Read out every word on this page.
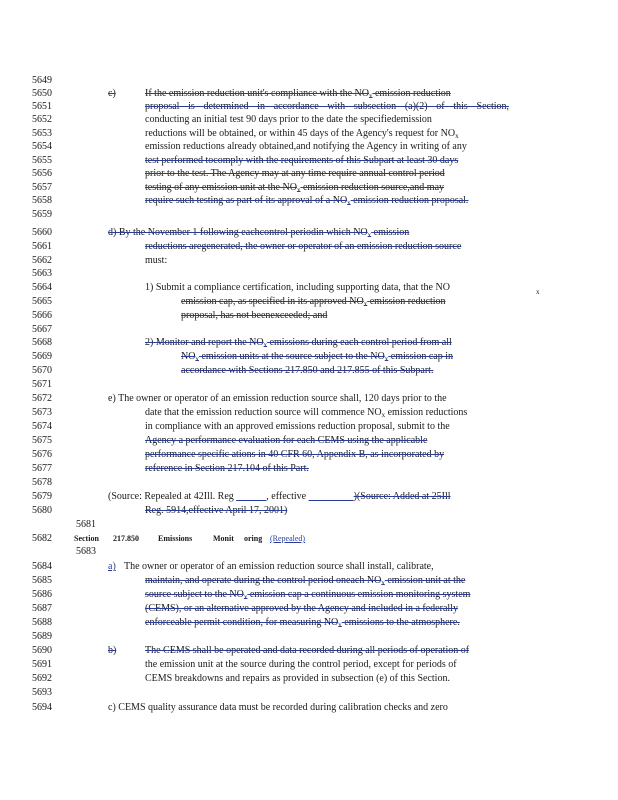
5649
5650
5651
5652
5653
5654
5655
5656
5657
5658
5659
5660
5661
5662
5663
5664
5665
5666
5667
5668
5669
5670
5671
5672
5673
5674
5675
5676
5677
5678
5679
5680
5681
5682
5683
5684
5685
5686
5687
5688
5689
5690
5691
5692
5693
5694
c)	If the emission reduction unit's compliance with the $NO_x$ emission reduction
proposal is determined in accordance with subsection (a)(2) of this Section,
conducting an initial test 90 days prior to the date the specifiedemission
reductions will be obtained, or within 45 days of the Agency's request for $NO_x$
emission reductions already obtained,and notifying the Agency in writing of any
test performed tocomply with the requirements of this Subpart at least 30 days
prior to the test. The Agency may at any time require annual control period
testing of any emission unit at the $NO_x$ emission reduction source,and may
require such testing as part of its approval of a $NO_x$ emission reduction proposal.
d) By the November 1 following eachcontrol periodin which $NO_x$ emission
reductions aregenerated, the owner or operator of an emission reduction source
must:
1) Submit a compliance certification, including supporting data, that the NO	x
emission cap, as specified in its approved $NO_x$ emission reduction
proposal, has not beenexceeded; and
2) Monitor and report the $NO_x$ emissions during each control period from all
$NO_x$ emission units at the source subject to the $NO_x$ emission cap in
accordance with Sections 217.850 and 217.855 of this Subpart.
e) The owner or operator of an emission reduction source shall, 120 days prior to the
date that the emission reduction source will commence $NO_x$ emission reductions
in compliance with an approved emissions reduction proposal, submit to the
Agency a performance evaluation for each CEMS using the applicable
performance specific ations in 40 CFR 60, Appendix B, as incorporated by
reference in Section 217.104 of this Part.
(Source: Repealed at 42Ill. Reg ______, effective _________)(Source: Added at 25Ill
Reg. 5914,effective April 17, 2001)
Section 217.850 Emissions	Monit oring (Repealed)
a) The owner or operator of an emission reduction source shall install, calibrate,
maintain, and operate during the control period oneach $NO_x$ emission unit at the
source subject to the $NO_x$ emission cap a continuous emission monitoring system
(CEMS), or an alternative approved by the Agency and included in a federally
enforceable permit condition, for measuring $NO_x$ emissions to the atmosphere.
b)	The CEMS shall be operated and data recorded during all periods of operation of
the emission unit at the source during the control period, except for periods of
CEMS breakdowns and repairs as provided in subsection (e) of this Section.
c) CEMS quality assurance data must be recorded during calibration checks and zero
